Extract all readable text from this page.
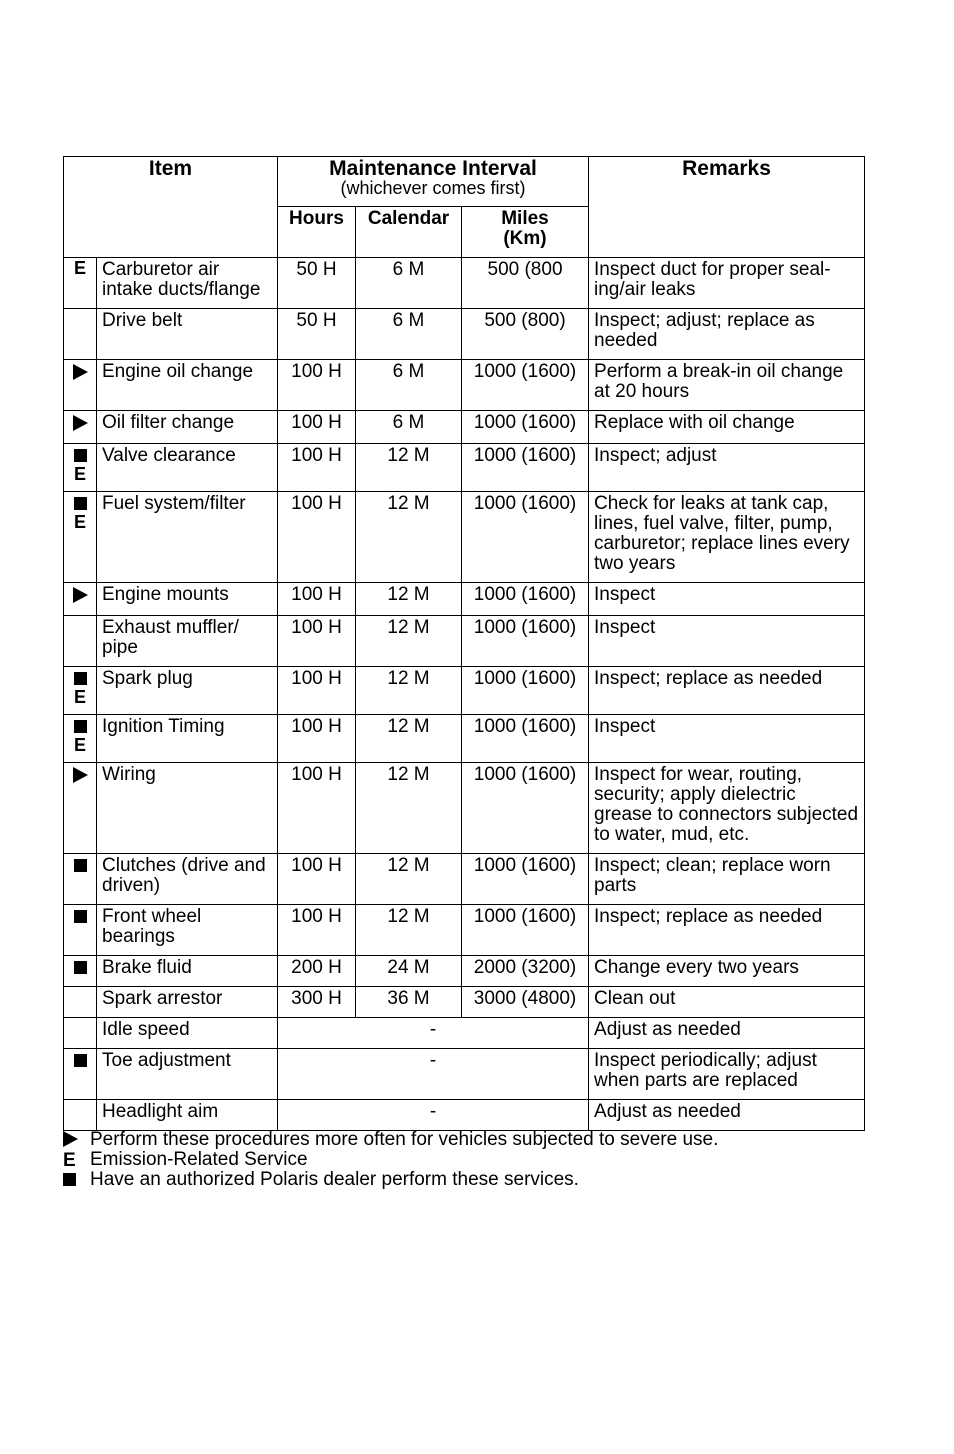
Item		Maintenance Interval
(whichever comes first)			Remarks
		Hours	Calendar	Miles
(Km)	

E	Carburetor air intake ducts/flange	50 H	6 M	500 (800	Inspect duct for proper seal-ing/air leaks
	Drive belt	50 H	6 M	500 (800)	Inspect; adjust; replace as needed
	Engine oil change	100 H	6 M	1000 (1600)	Perform a break-in oil change at 20 hours
	Oil filter change	100 H	6 M	1000 (1600)	Replace with oil change

E	Valve clearance	100 H	12 M	1000 (1600)	Inspect; adjust

E	Fuel system/filter	100 H	12 M	1000 (1600)	Check for leaks at tank cap, lines, fuel valve, filter, pump, carburetor; replace lines every two years
	Engine mounts	100 H	12 M	1000 (1600)	Inspect
	Exhaust muffler/ pipe	100 H	12 M	1000 (1600)	Inspect

E	Spark plug	100 H	12 M	1000 (1600)	Inspect; replace as needed

E	Ignition Timing	100 H	12 M	1000 (1600)	Inspect
	Wiring	100 H	12 M	1000 (1600)	Inspect for wear, routing, security; apply dielectric grease to connectors subjected to water, mud, etc.
	Clutches (drive and driven)	100 H	12 M	1000 (1600)	Inspect; clean; replace worn parts
	Front wheel bearings	100 H	12 M	1000 (1600)	Inspect; replace as needed
	Brake fluid	200 H	24 M	2000 (3200)	Change every two years
	Spark arrestor	300 H	36 M	3000 (4800)	Clean out
	Idle speed	-			Adjust as needed
	Toe adjustment	-			Inspect periodically; adjust when parts are replaced
	Headlight aim	-			Adjust as needed
Perform these procedures more often for vehicles subjected to severe use.
E Emission-Related Service
Have an authorized Polaris dealer perform these services.
